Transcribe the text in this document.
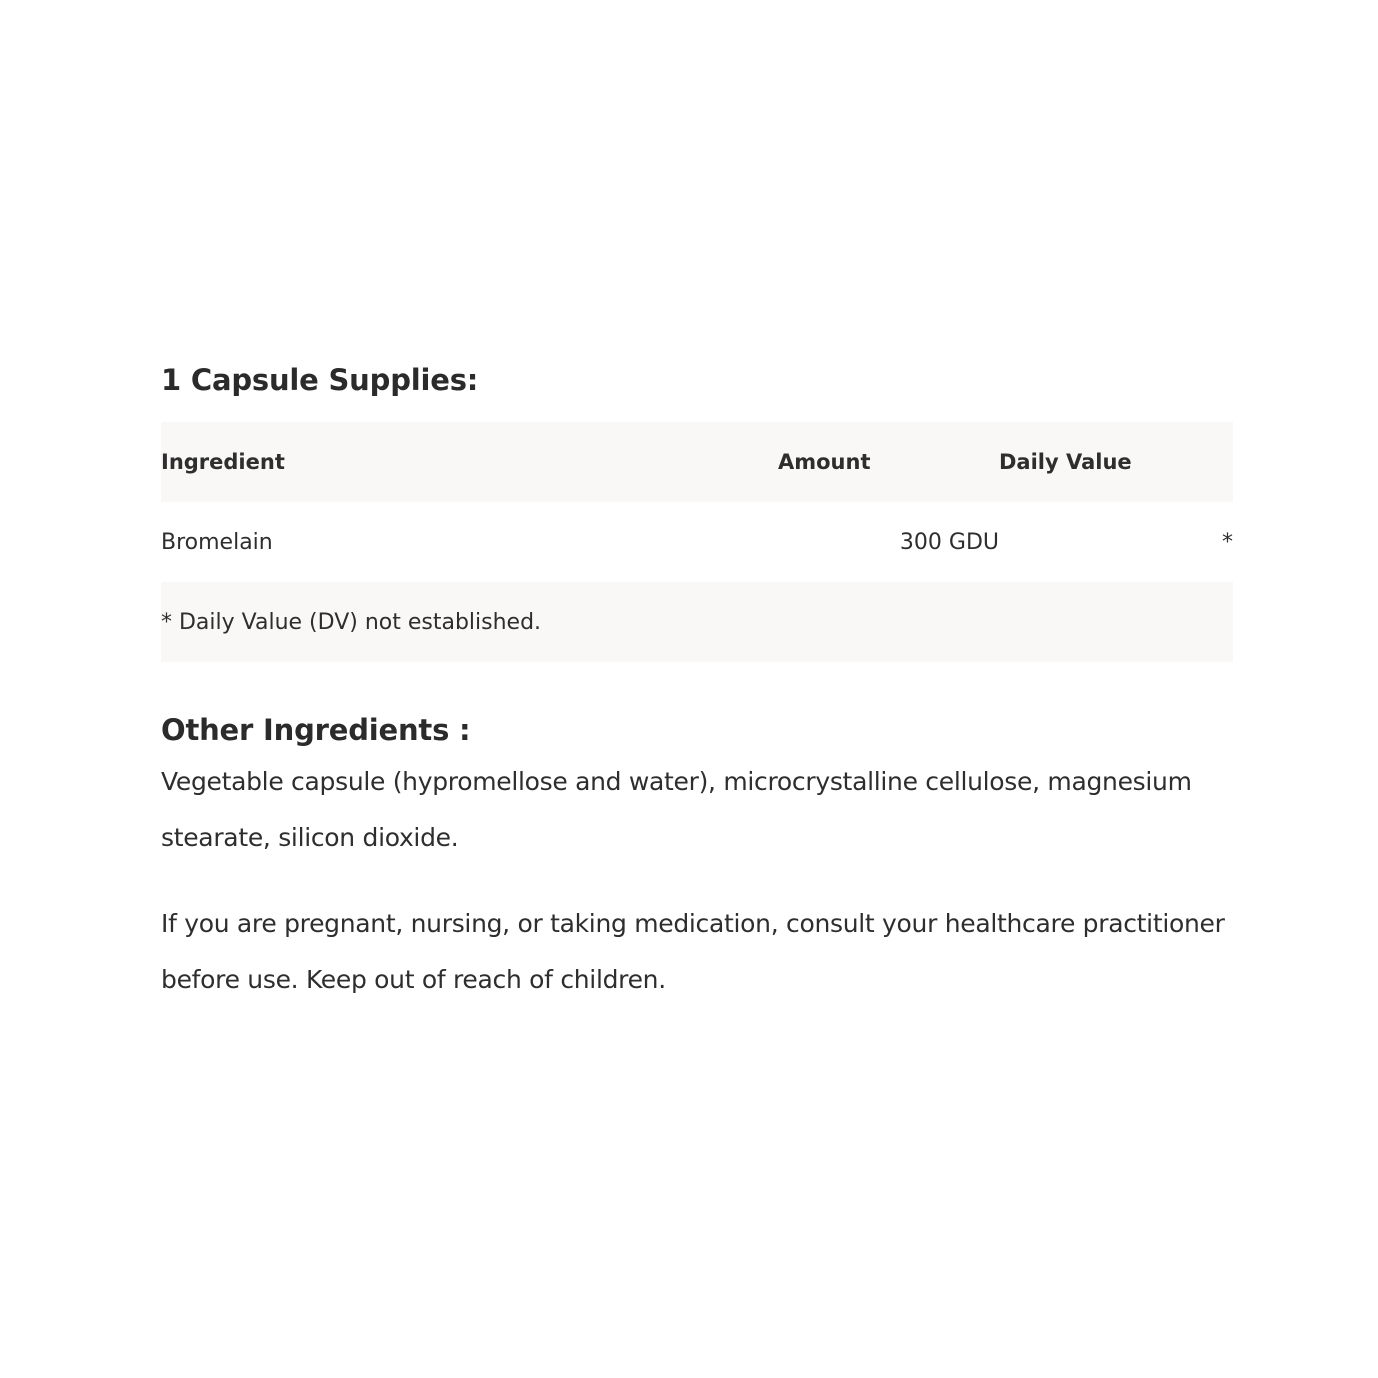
1 Capsule Supplies:
Ingredient	Amount	Daily Value
Bromelain	300 GDU	*
* Daily Value (DV) not established.		
Other Ingredients :

Vegetable capsule (hypromellose and water), microcrystalline cellulose, magnesium stearate, silicon dioxide.

If you are pregnant, nursing, or taking medication, consult your healthcare practitioner before use. Keep out of reach of children.
